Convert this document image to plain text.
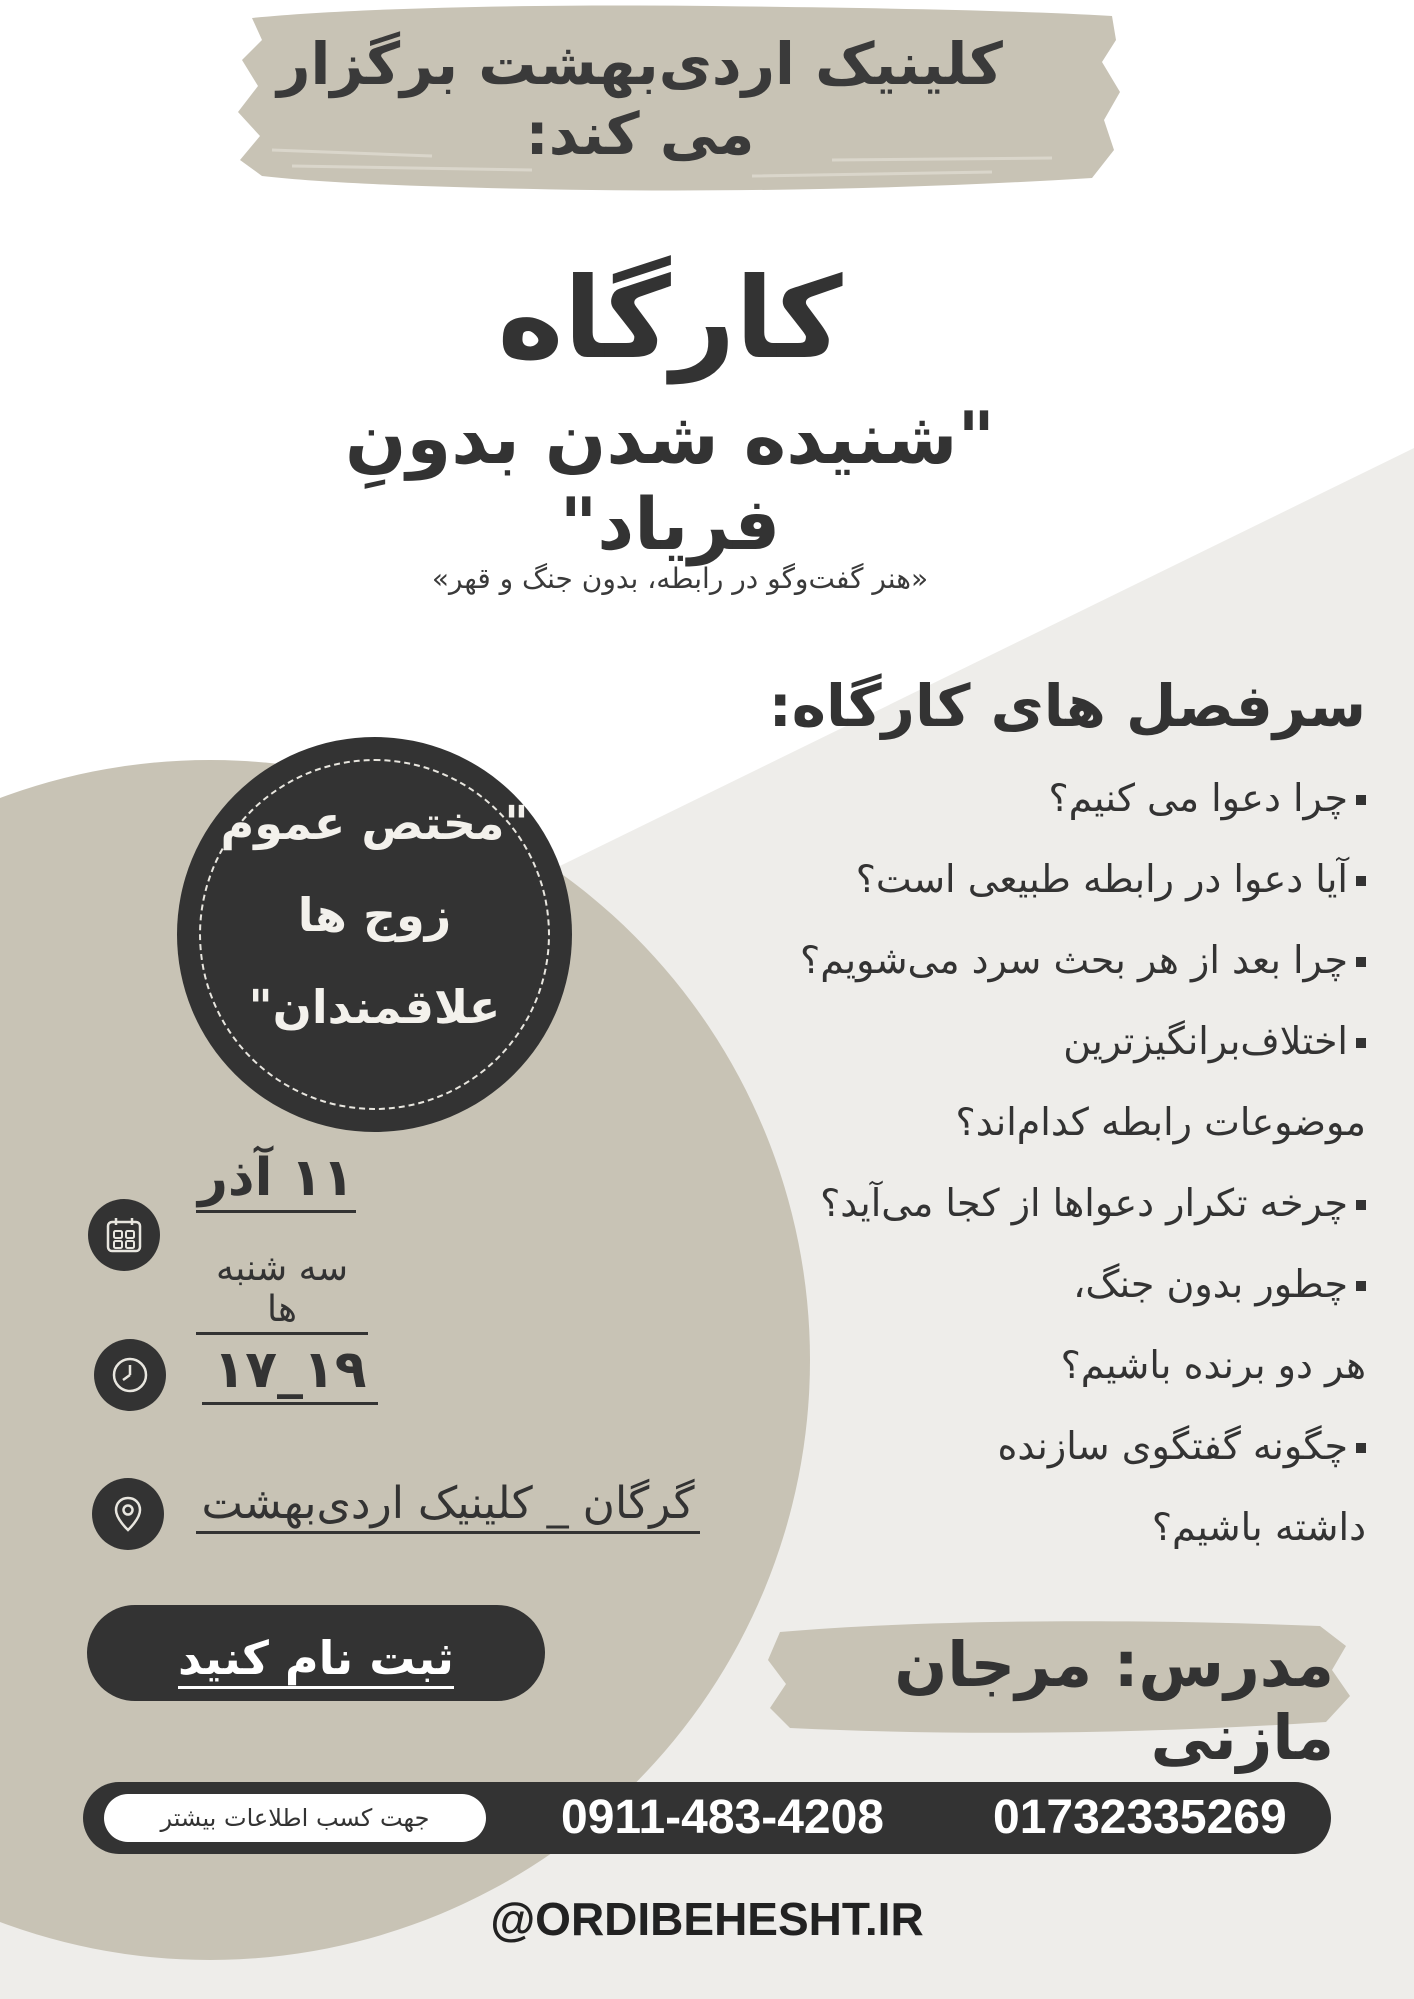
کلینیک اردی‌بهشت برگزار می کند:
کارگاه
"شنیده شدن بدونِ فریاد"
«هنر گفت‌وگو در رابطه، بدون جنگ و قهر»
سرفصل های کارگاه:
چرا دعوا می کنیم؟
آیا دعوا در رابطه طبیعی است؟
چرا بعد از هر بحث سرد می‌شویم؟
اختلاف‌برانگیزترین
موضوعات رابطه کدام‌اند؟
چرخه تکرار دعواها از کجا می‌آید؟
چطور بدون جنگ،
هر دو برنده باشیم؟
چگونه گفتگوی سازنده
داشته باشیم؟
مدرس: مرجان مازنی
"مختص عموم
زوج ها
علاقمندان"
۱۱ آذر
سه شنبه ها
۱۷_۱۹
گرگان _ کلینیک اردی‌بهشت
ثبت نام کنید
جهت کسب اطلاعات بیشتر	0911-483-4208 01732335269
@ORDIBEHESHT.IR
